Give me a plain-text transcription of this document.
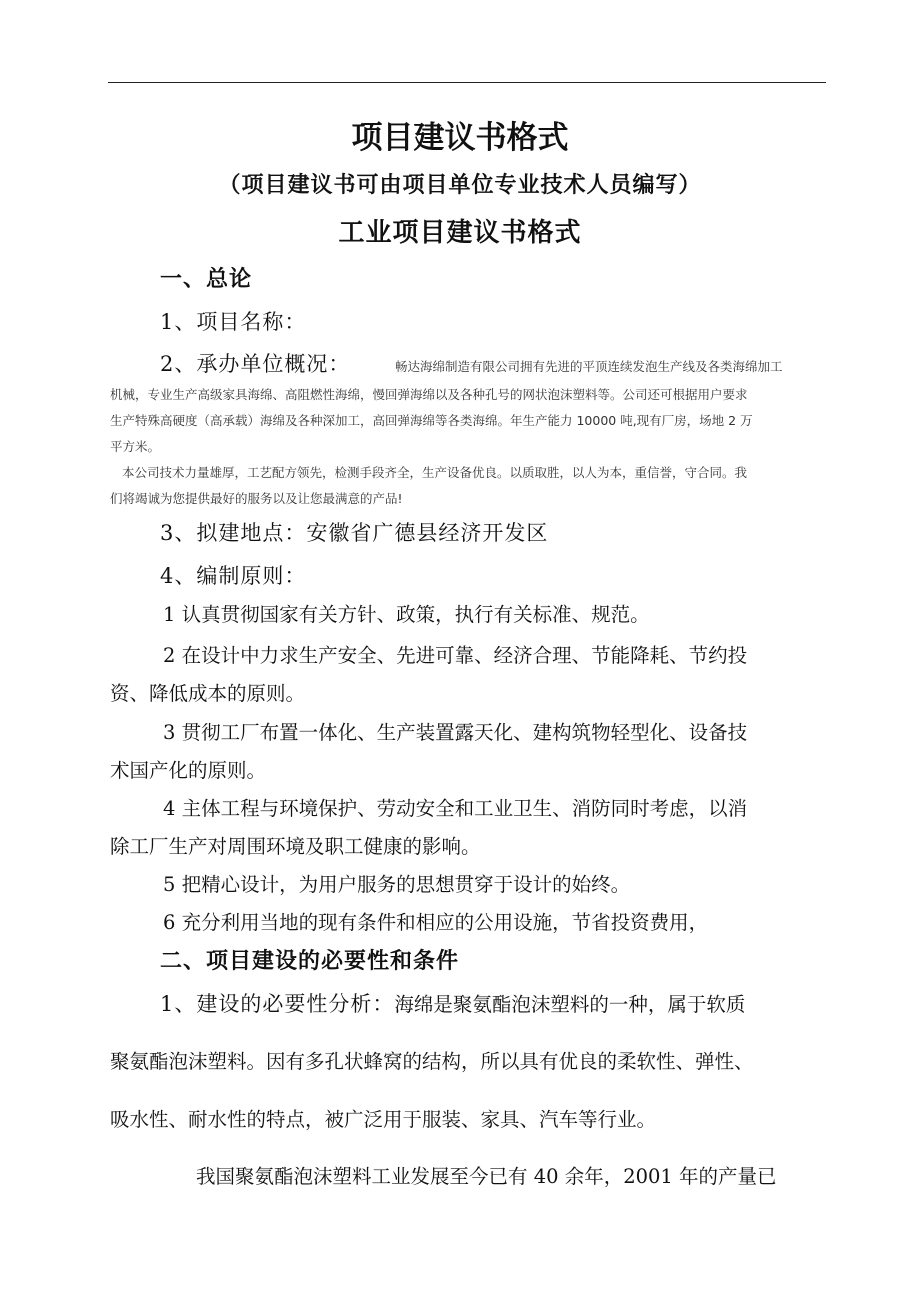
项目建议书格式
（项目建议书可由项目单位专业技术人员编写）
工业项目建议书格式
一、总论
1、项目名称：
2、承办单位概况：	畅达海绵制造有限公司拥有先进的平顶连续发泡生产线及各类海绵加工
机械，专业生产高级家具海绵、高阻燃性海绵，慢回弹海绵以及各种孔号的网状泡沫塑料等。公司还可根据用户要求
生产特殊高硬度（高承载）海绵及各种深加工，高回弹海绵等各类海绵。年生产能力 10000 吨,现有厂房，场地 2 万
平方米。
本公司技术力量雄厚，工艺配方领先，检测手段齐全，生产设备优良。以质取胜，以人为本，重信誉，守合同。我
们将竭诚为您提供最好的服务以及让您最满意的产品!
3、拟建地点：安徽省广德县经济开发区
4、编制原则：
1 认真贯彻国家有关方针、政策，执行有关标准、规范。
2 在设计中力求生产安全、先进可靠、经济合理、节能降耗、节约投
资、降低成本的原则。
3 贯彻工厂布置一体化、生产装置露天化、建构筑物轻型化、设备技
术国产化的原则。
4 主体工程与环境保护、劳动安全和工业卫生、消防同时考虑，以消
除工厂生产对周围环境及职工健康的影响。
5 把精心设计，为用户服务的思想贯穿于设计的始终。
6 充分利用当地的现有条件和相应的公用设施，节省投资费用，
二、项目建设的必要性和条件
1、建设的必要性分析：海绵是聚氨酯泡沫塑料的一种，属于软质
聚氨酯泡沫塑料。因有多孔状蜂窝的结构，所以具有优良的柔软性、弹性、
吸水性、耐水性的特点，被广泛用于服装、家具、汽车等行业。
我国聚氨酯泡沫塑料工业发展至今已有 40 余年，2001 年的产量已
